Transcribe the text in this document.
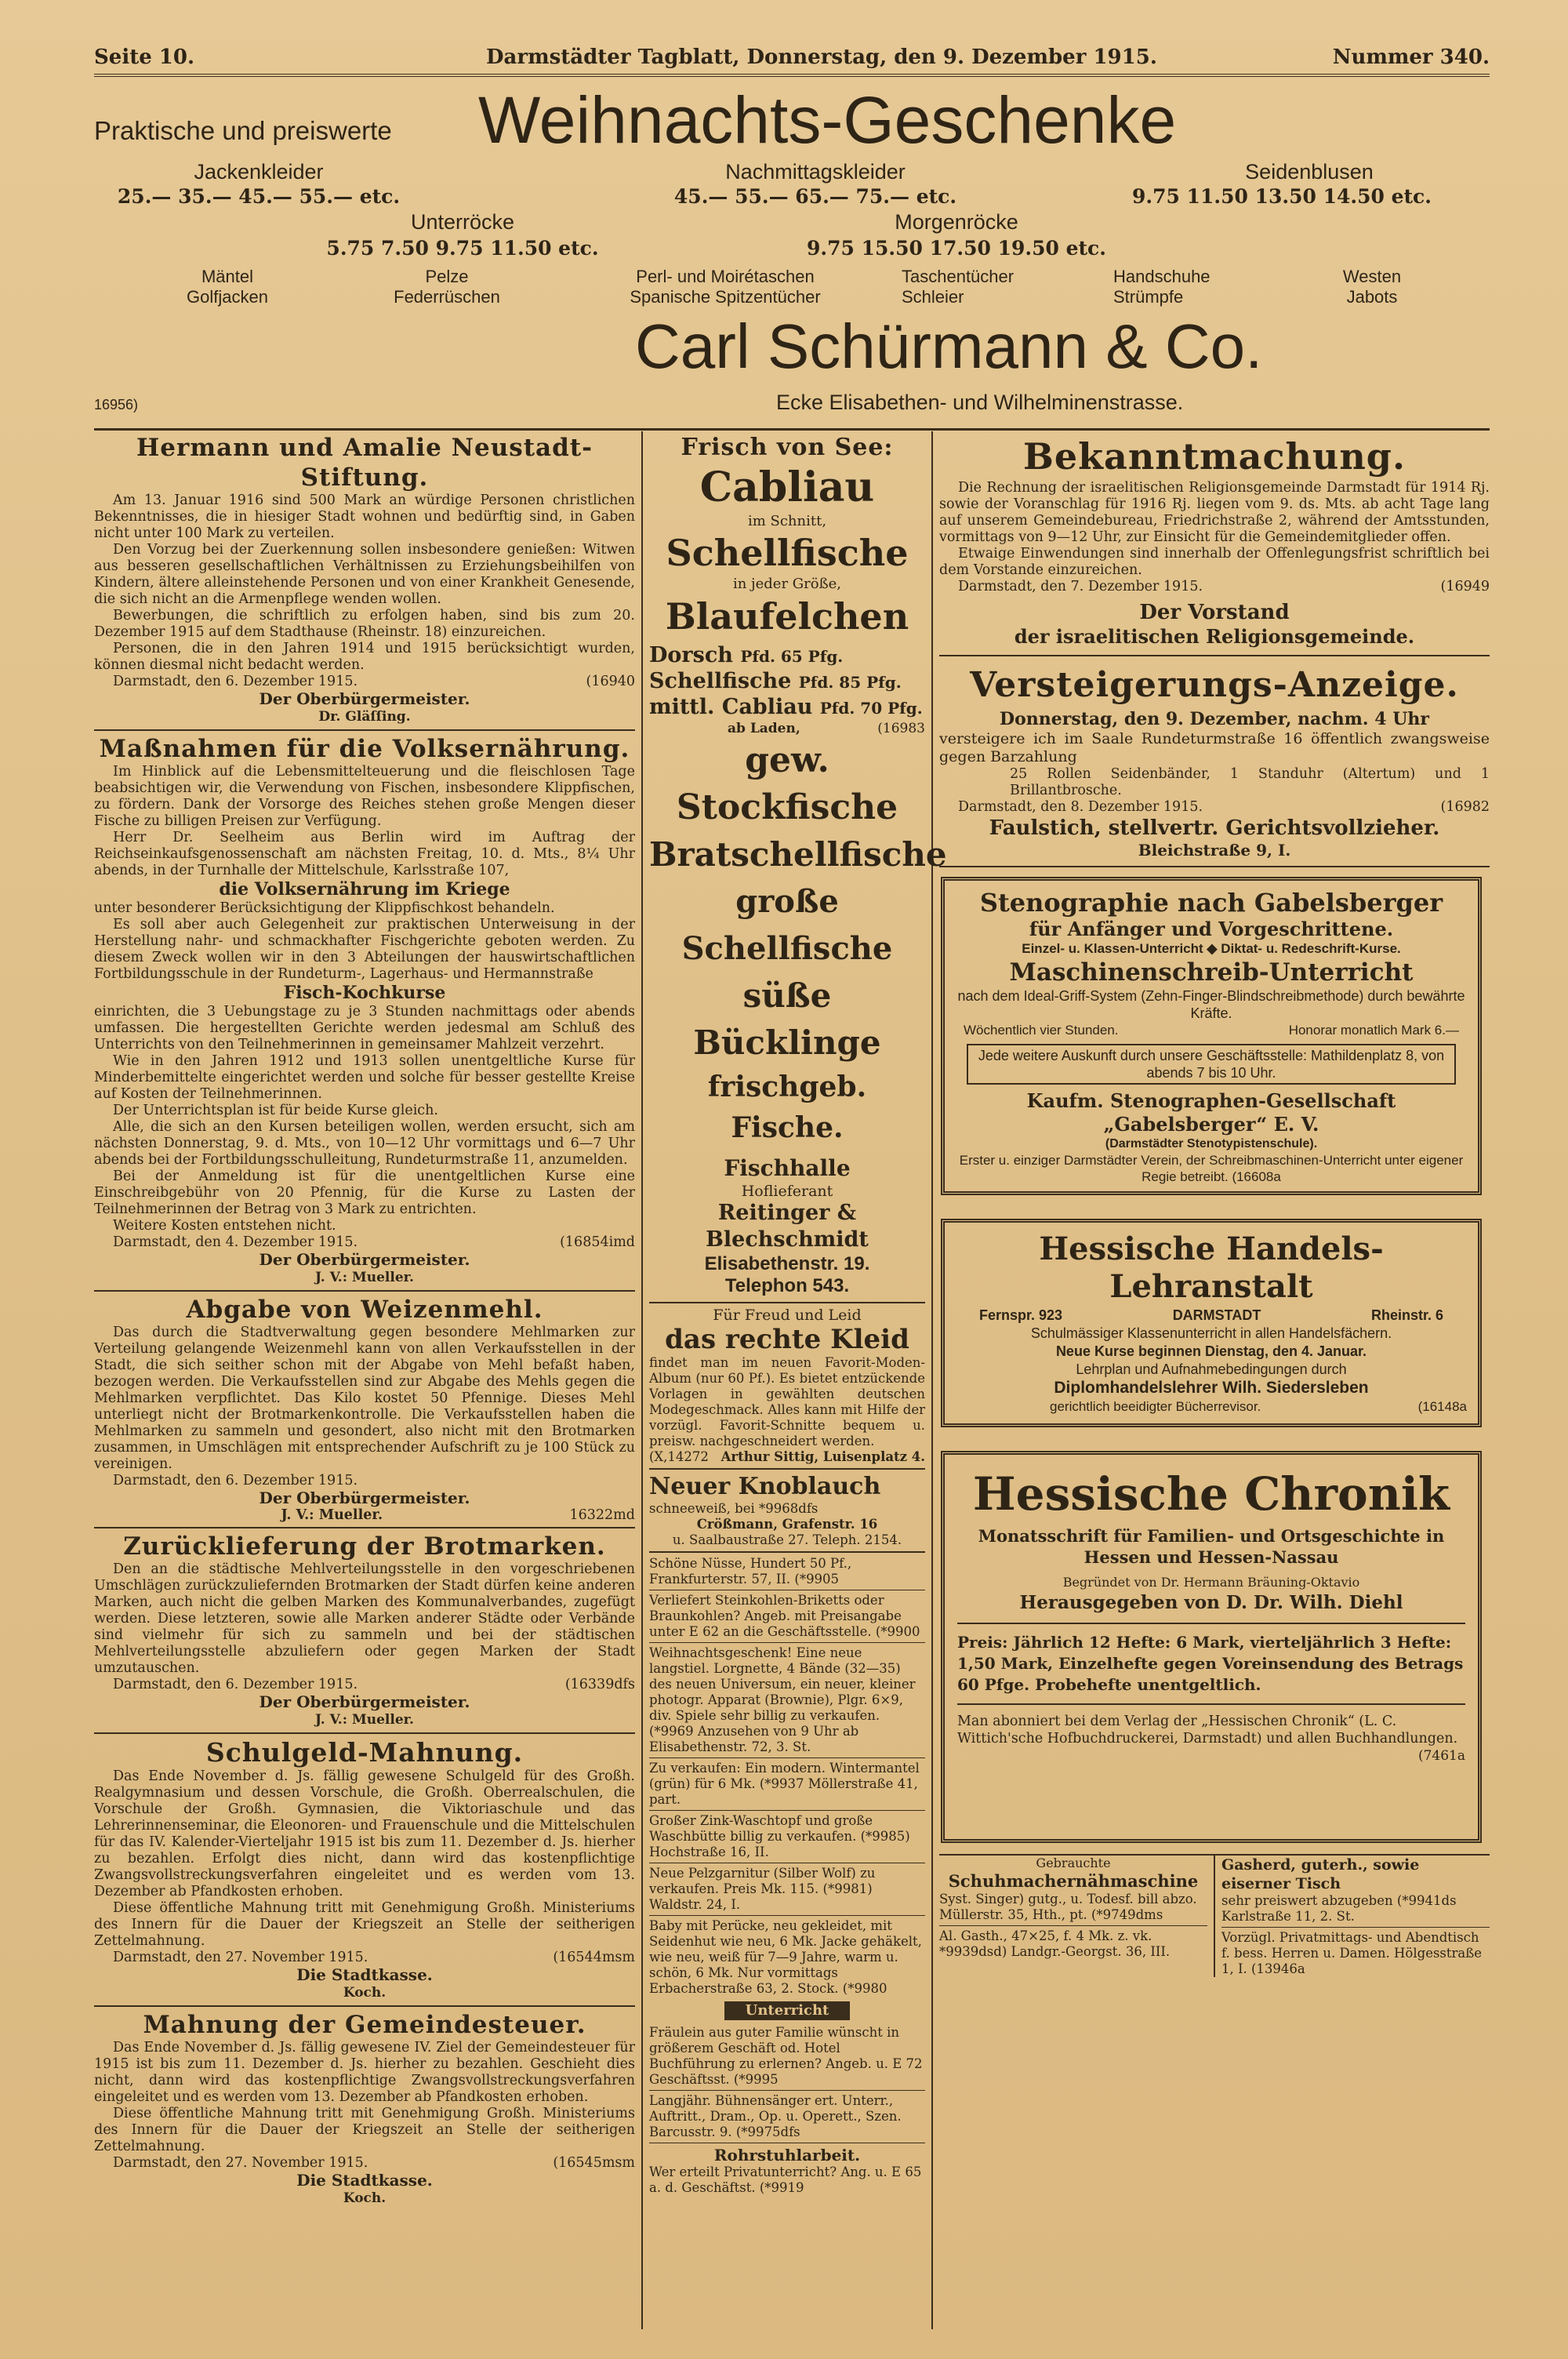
Seite 10.	Darmstädter Tagblatt, Donnerstag, den 9. Dezember 1915.	Nummer 340.
Praktische und preiswerte Weihnachts-Geschenke
Jackenkleider
25.— 35.— 45.— 55.— etc.
Nachmittagskleider
45.— 55.— 65.— 75.— etc.
Seidenblusen
9.75 11.50 13.50 14.50 etc.
Unterröcke
5.75 7.50 9.75 11.50 etc.
Morgenröcke
9.75 15.50 17.50 19.50 etc.
Mäntel
Golfjacken
Pelze
Federrüschen
Perl- und Moirétaschen
Spanische Spitzentücher
Taschentücher
Schleier
Handschuhe
Strümpfe
Westen
Jabots
Carl Schürmann & Co.
Ecke Elisabethen- und Wilhelminenstrasse.
16956)
Hermann und Amalie Neustadt-Stiftung.

Am 13. Januar 1916 sind 500 Mark an würdige Personen christlichen Bekenntnisses, die in hiesiger Stadt wohnen und bedürftig sind, in Gaben nicht unter 100 Mark zu verteilen.

Den Vorzug bei der Zuerkennung sollen insbesondere genießen: Witwen aus besseren gesellschaftlichen Verhältnissen zu Erziehungsbeihilfen von Kindern, ältere alleinstehende Personen und von einer Krankheit Genesende, die sich nicht an die Armenpflege wenden wollen.

Bewerbungen, die schriftlich zu erfolgen haben, sind bis zum 20. Dezember 1915 auf dem Stadthause (Rheinstr. 18) einzureichen.

Personen, die in den Jahren 1914 und 1915 berücksichtigt wurden, können diesmal nicht bedacht werden.

Darmstadt, den 6. Dezember 1915.	(16940
Der Oberbürgermeister.
Dr. Gläſſing.
Maßnahmen für die Volksernährung.

Im Hinblick auf die Lebensmittelteuerung und die fleischlosen Tage beabsichtigen wir, die Verwendung von Fischen, insbesondere Klippfischen, zu fördern. Dank der Vorsorge des Reiches stehen große Mengen dieser Fische zu billigen Preisen zur Verfügung.

Herr Dr. Seelheim aus Berlin wird im Auftrag der Reichseinkaufsgenossenschaft am nächsten Freitag, 10. d. Mts., 8¼ Uhr abends, in der Turnhalle der Mittelschule, Karlsstraße 107,

die Volksernährung im Kriege

unter besonderer Berücksichtigung der Klippfischkost behandeln.

Es soll aber auch Gelegenheit zur praktischen Unterweisung in der Herstellung nahr- und schmackhafter Fischgerichte geboten werden. Zu diesem Zweck wollen wir in den 3 Abteilungen der hauswirtschaftlichen Fortbildungsschule in der Rundeturm-, Lagerhaus- und Hermannstraße

Fisch-Kochkurse

einrichten, die 3 Uebungstage zu je 3 Stunden nachmittags oder abends umfassen. Die hergestellten Gerichte werden jedesmal am Schluß des Unterrichts von den Teilnehmerinnen in gemeinsamer Mahlzeit verzehrt.

Wie in den Jahren 1912 und 1913 sollen unentgeltliche Kurse für Minderbemittelte eingerichtet werden und solche für besser gestellte Kreise auf Kosten der Teilnehmerinnen.

Der Unterrichtsplan ist für beide Kurse gleich.

Alle, die sich an den Kursen beteiligen wollen, werden ersucht, sich am nächsten Donnerstag, 9. d. Mts., von 10—12 Uhr vormittags und 6—7 Uhr abends bei der Fortbildungsschulleitung, Rundeturmstraße 11, anzumelden.

Bei der Anmeldung ist für die unentgeltlichen Kurse eine Einschreibgebühr von 20 Pfennig, für die Kurse zu Lasten der Teilnehmerinnen der Betrag von 3 Mark zu entrichten.

Weitere Kosten entstehen nicht.

Darmstadt, den 4. Dezember 1915.	(16854imd
Der Oberbürgermeister.
J. V.: Mueller.
Abgabe von Weizenmehl.

Das durch die Stadtverwaltung gegen besondere Mehlmarken zur Verteilung gelangende Weizenmehl kann von allen Verkaufsstellen in der Stadt, die sich seither schon mit der Abgabe von Mehl befaßt haben, bezogen werden. Die Verkaufsstellen sind zur Abgabe des Mehls gegen die Mehlmarken verpflichtet. Das Kilo kostet 50 Pfennige. Dieses Mehl unterliegt nicht der Brotmarkenkontrolle. Die Verkaufsstellen haben die Mehlmarken zu sammeln und gesondert, also nicht mit den Brotmarken zusammen, in Umschlägen mit entsprechender Aufschrift zu je 100 Stück zu vereinigen.

Darmstadt, den 6. Dezember 1915.
Der Oberbürgermeister.
J. V.: Mueller.	16322md
Zurücklieferung der Brotmarken.

Den an die städtische Mehlverteilungsstelle in den vorgeschriebenen Umschlägen zurückzuliefernden Brotmarken der Stadt dürfen keine anderen Marken, auch nicht die gelben Marken des Kommunalverbandes, zugefügt werden. Diese letzteren, sowie alle Marken anderer Städte oder Verbände sind vielmehr für sich zu sammeln und bei der städtischen Mehlverteilungsstelle abzuliefern oder gegen Marken der Stadt umzutauschen.

Darmstadt, den 6. Dezember 1915.	(16339dfs
Der Oberbürgermeister.
J. V.: Mueller.
Schulgeld-Mahnung.

Das Ende November d. Js. fällig gewesene Schulgeld für des Großh. Realgymnasium und dessen Vorschule, die Großh. Oberrealschulen, die Vorschule der Großh. Gymnasien, die Viktoriaschule und das Lehrerinnenseminar, die Eleonoren- und Frauenschule und die Mittelschulen für das IV. Kalender-Vierteljahr 1915 ist bis zum 11. Dezember d. Js. hierher zu bezahlen. Erfolgt dies nicht, dann wird das kostenpflichtige Zwangsvollstreckungsverfahren eingeleitet und es werden vom 13. Dezember ab Pfandkosten erhoben.

Diese öffentliche Mahnung tritt mit Genehmigung Großh. Ministeriums des Innern für die Dauer der Kriegszeit an Stelle der seitherigen Zettelmahnung.

Darmstadt, den 27. November 1915.	(16544msm
Die Stadtkasse.
Koch.
Mahnung der Gemeindesteuer.

Das Ende November d. Js. fällig gewesene IV. Ziel der Gemeindesteuer für 1915 ist bis zum 11. Dezember d. Js. hierher zu bezahlen. Geschieht dies nicht, dann wird das kostenpflichtige Zwangsvollstreckungsverfahren eingeleitet und es werden vom 13. Dezember ab Pfandkosten erhoben.

Diese öffentliche Mahnung tritt mit Genehmigung Großh. Ministeriums des Innern für die Dauer der Kriegszeit an Stelle der seitherigen Zettelmahnung.

Darmstadt, den 27. November 1915.	(16545msm
Die Stadtkasse.
Koch.
Frisch von See:
Cabliau
im Schnitt,
Schellfische
in jeder Größe,
Blaufelchen
Dorsch Pfd. 65 Pfg.
Schellfische Pfd. 85 Pfg.
mittl. Cabliau Pfd. 70 Pfg.
ab Laden,	(16983
gew. Stockfische
Bratschellfische
große Schellfische
süße Bücklinge
frischgeb. Fische.
Fischhalle
Hoflieferant
Reitinger & Blechschmidt
Elisabethenstr. 19.
Telephon 543.
Für Freud und Leid
das rechte Kleid
findet man im neuen Favorit-Moden-Album (nur 60 Pf.). Es bietet entzückende Vorlagen in gewählten deutschen Modegeschmack. Alles kann mit Hilfe der vorzügl. Favorit-Schnitte bequem u. preisw. nachgeschneidert werden.
(X,14272 Arthur Sittig, Luisenplatz 4.
Neuer Knoblauch
schneeweiß, bei *9968dfs
Crößmann, Grafenstr. 16
u. Saalbaustraße 27. Teleph. 2154.
Schöne Nüsse, Hundert 50 Pf., Frankfurterstr. 57, II. (*9905
Verliefert Steinkohlen-Briketts oder Braunkohlen? Angeb. mit Preisangabe unter E 62 an die Geschäftsstelle. (*9900
Weihnachtsgeschenk! Eine neue langstiel. Lorgnette, 4 Bände (32—35) des neuen Universum, ein neuer, kleiner photogr. Apparat (Brownie), Plgr. 6×9, div. Spiele sehr billig zu verkaufen. (*9969 Anzusehen von 9 Uhr ab Elisabethenstr. 72, 3. St.
Zu verkaufen: Ein modern. Wintermantel (grün) für 6 Mk. (*9937 Möllerstraße 41, part.
Großer Zink-Waschtopf und große Waschbütte billig zu verkaufen. (*9985) Hochstraße 16, II.
Neue Pelzgarnitur (Silber Wolf) zu verkaufen. Preis Mk. 115. (*9981) Waldstr. 24, I.
Baby mit Perücke, neu gekleidet, mit Seidenhut wie neu, 6 Mk. Jacke gehäkelt, wie neu, weiß für 7—9 Jahre, warm u. schön, 6 Mk. Nur vormittags Erbacherstraße 63, 2. Stock. (*9980
Unterricht
Fräulein aus guter Familie wünscht in größerem Geschäft od. Hotel Buchführung zu erlernen? Angeb. u. E 72 Geschäftsst. (*9995
Langjähr. Bühnensänger ert. Unterr., Auftritt., Dram., Op. u. Operett., Szen. Barcusstr. 9. (*9975dfs
Rohrstuhlarbeit.
Wer erteilt Privatunterricht? Ang. u. E 65 a. d. Geschäftst. (*9919
Bekanntmachung.

Die Rechnung der israelitischen Religionsgemeinde Darmstadt für 1914 Rj. sowie der Voranschlag für 1916 Rj. liegen vom 9. ds. Mts. ab acht Tage lang auf unserem Gemeindebureau, Friedrichstraße 2, während der Amtsstunden, vormittags von 9—12 Uhr, zur Einsicht für die Gemeindemitglieder offen.

Etwaige Einwendungen sind innerhalb der Offenlegungsfrist schriftlich bei dem Vorstande einzureichen.

Darmstadt, den 7. Dezember 1915.	(16949
Der Vorstand
der israelitischen Religionsgemeinde.
Versteigerungs-Anzeige.
Donnerstag, den 9. Dezember, nachm. 4 Uhr
versteigere ich im Saale Rundeturmstraße 16 öffentlich zwangsweise gegen Barzahlung
25 Rollen Seidenbänder, 1 Standuhr (Altertum) und 1 Brillantbrosche.
Darmstadt, den 8. Dezember 1915.	(16982
Faulstich, stellvertr. Gerichtsvollzieher.
Bleichstraße 9, I.
Stenographie nach Gabelsberger
für Anfänger und Vorgeschrittene.
Einzel- u. Klassen-Unterricht ◆ Diktat- u. Redeschrift-Kurse.
Maschinenschreib-Unterricht
nach dem Ideal-Griff-System (Zehn-Finger-Blindschreibmethode) durch bewährte Kräfte.
Wöchentlich vier Stunden.	Honorar monatlich Mark 6.—
Jede weitere Auskunft durch unsere Geschäftsstelle: Mathildenplatz 8, von abends 7 bis 10 Uhr.
Kaufm. Stenographen-Gesellschaft
„Gabelsberger“ E. V.
(Darmstädter Stenotypistenschule).
Erster u. einziger Darmstädter Verein, der Schreibmaschinen-Unterricht unter eigener Regie betreibt. (16608a
Hessische Handels-Lehranstalt
Fernspr. 923	DARMSTADT	Rheinstr. 6
Schulmässiger Klassenunterricht in allen Handelsfächern.
Neue Kurse beginnen Dienstag, den 4. Januar.
Lehrplan und Aufnahmebedingungen durch
Diplomhandelslehrer Wilh. Siedersleben
gerichtlich beeidigter Bücherrevisor.	(16148a
Hessische Chronik
Monatsschrift für Familien- und Ortsgeschichte in Hessen und Hessen-Nassau
Begründet von Dr. Hermann Bräuning-Oktavio
Herausgegeben von D. Dr. Wilh. Diehl
Preis: Jährlich 12 Hefte: 6 Mark, vierteljährlich 3 Hefte: 1,50 Mark, Einzelhefte gegen Voreinsendung des Betrags 60 Pfge. Probehefte unentgeltlich.
Man abonniert bei dem Verlag der „Hessischen Chronik“ (L. C. Wittich'sche Hofbuchdruckerei, Darmstadt) und allen Buchhandlungen.
(7461a
Gebrauchte
Schuhmachernähmaschine
Syst. Singer) gutg., u. Todesf. bill abzo. Müllerstr. 35, Hth., pt. (*9749dms
Al. Gasth., 47×25, f. 4 Mk. z. vk. *9939dsd) Landgr.-Georgst. 36, III.
Gasherd, guterh., sowie eiserner Tisch
sehr preiswert abzugeben (*9941ds Karlstraße 11, 2. St.
Vorzügl. Privatmittags- und Abendtisch f. bess. Herren u. Damen. Hölgesstraße 1, I. (13946a
